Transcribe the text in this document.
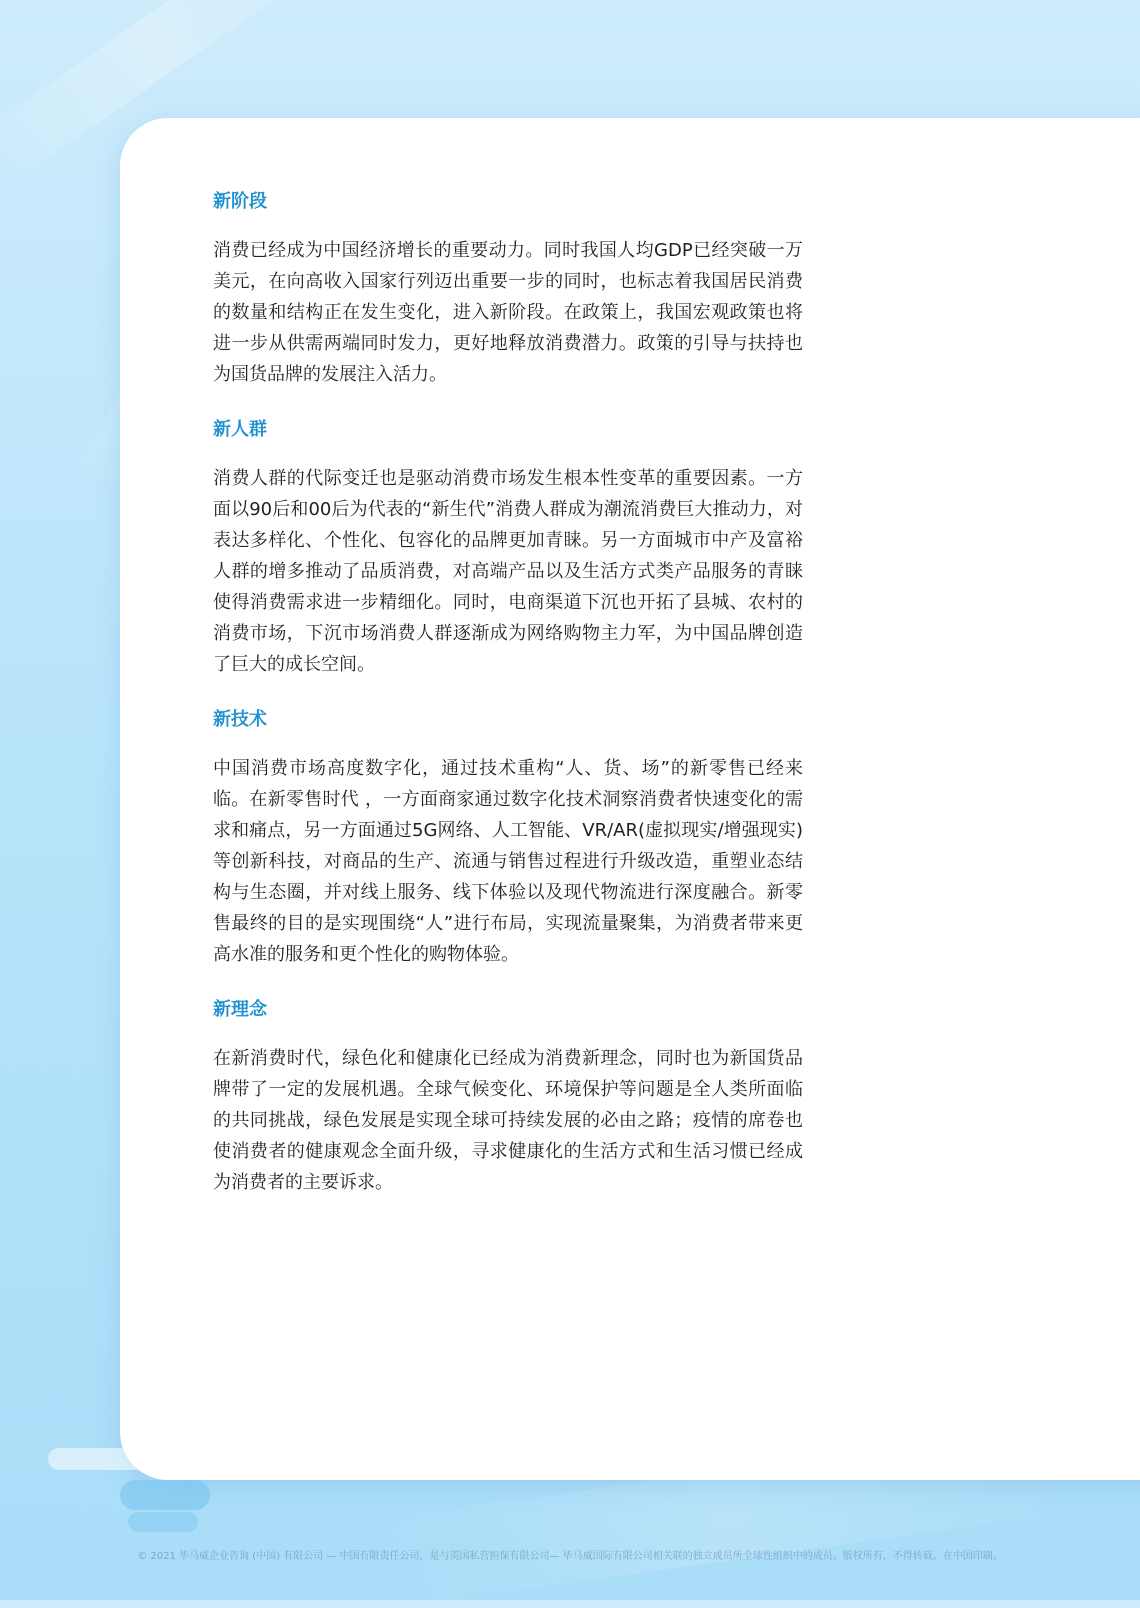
新阶段

消费已经成为中国经济增长的重要动力。同时我国人均GDP已经突破一万美元，在向高收入国家行列迈出重要一步的同时，也标志着我国居民消费的数量和结构正在发生变化，进入新阶段。在政策上，我国宏观政策也将进一步从供需两端同时发力，更好地释放消费潜力。政策的引导与扶持也为国货品牌的发展注入活力。

新人群

消费人群的代际变迁也是驱动消费市场发生根本性变革的重要因素。一方面以90后和00后为代表的“新生代”消费人群成为潮流消费巨大推动力，对表达多样化、个性化、包容化的品牌更加青睐。另一方面城市中产及富裕人群的增多推动了品质消费，对高端产品以及生活方式类产品服务的青睐使得消费需求进一步精细化。同时，电商渠道下沉也开拓了县城、农村的消费市场，下沉市场消费人群逐渐成为网络购物主力军，为中国品牌创造了巨大的成长空间。

新技术

中国消费市场高度数字化，通过技术重构“人、货、场”的新零售已经来临。在新零售时代 ，一方面商家通过数字化技术洞察消费者快速变化的需求和痛点，另一方面通过5G网络、人工智能、VR/AR(虚拟现实/增强现实)等创新科技，对商品的生产、流通与销售过程进行升级改造，重塑业态结构与生态圈，并对线上服务、线下体验以及现代物流进行深度融合。新零售最终的目的是实现围绕“人”进行布局，实现流量聚集，为消费者带来更高水准的服务和更个性化的购物体验。

新理念

在新消费时代，绿色化和健康化已经成为消费新理念，同时也为新国货品牌带了一定的发展机遇。全球气候变化、环境保护等问题是全人类所面临的共同挑战，绿色发展是实现全球可持续发展的必由之路；疫情的席卷也使消费者的健康观念全面升级，寻求健康化的生活方式和生活习惯已经成为消费者的主要诉求。

© 2021 毕马威企业咨询 (中国) 有限公司 — 中国有限责任公司，是与英国私营担保有限公司— 毕马威国际有限公司相关联的独立成员所全球性组织中的成员。版权所有，不得转载。在中国印刷。
